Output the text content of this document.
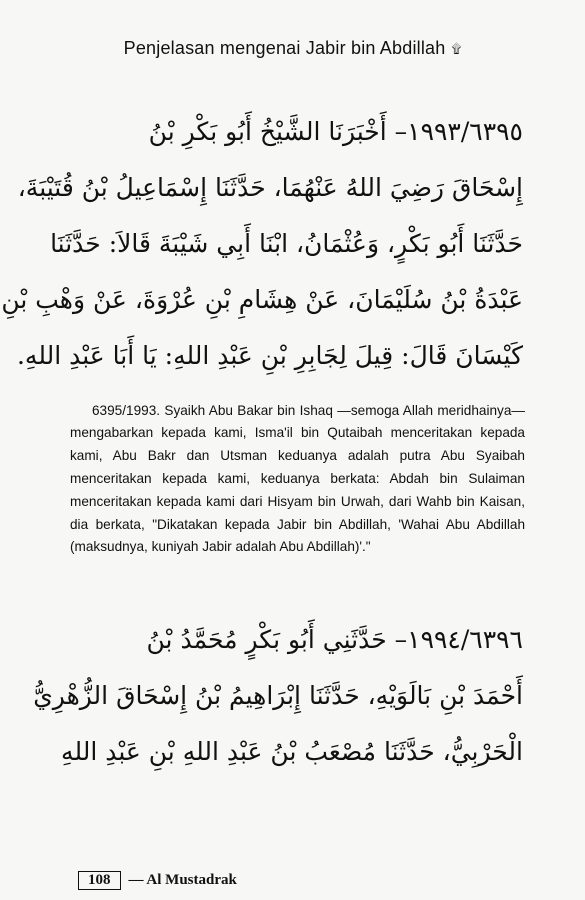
Penjelasan mengenai Jabir bin Abdillah ۩
١٩٩٣/٦٣٩٥– أَخْبَرَنَا الشَّيْخُ أَبُو بَكْرِ بْنُ
إِسْحَاقَ رَضِيَ اللهُ عَنْهُمَا، حَدَّثَنَا إِسْمَاعِيلُ بْنُ قُتَيْبَةَ،
حَدَّثَنَا أَبُو بَكْرٍ، وَعُثْمَانُ، ابْنَا أَبِي شَيْبَةَ قَالاَ: حَدَّثَنَا
عَبْدَةُ بْنُ سُلَيْمَانَ، عَنْ هِشَامِ بْنِ عُرْوَةَ، عَنْ وَهْبِ بْنِ
كَيْسَانَ قَالَ: قِيلَ لِجَابِرِ بْنِ عَبْدِ اللهِ: يَا أَبَا عَبْدِ اللهِ.

6395/1993. Syaikh Abu Bakar bin Ishaq —semoga Allah meridhainya— mengabarkan kepada kami, Isma'il bin Qutaibah menceritakan kepada kami, Abu Bakr dan Utsman keduanya adalah putra Abu Syaibah menceritakan kepada kami, keduanya berkata: Abdah bin Sulaiman menceritakan kepada kami dari Hisyam bin Urwah, dari Wahb bin Kaisan, dia berkata, "Dikatakan kepada Jabir bin Abdillah, 'Wahai Abu Abdillah (maksudnya, kuniyah Jabir adalah Abu Abdillah)'."

١٩٩٤/٦٣٩٦– حَدَّثَنِي أَبُو بَكْرٍ مُحَمَّدُ بْنُ
أَحْمَدَ بْنِ بَالَوَيْهِ، حَدَّثَنَا إِبْرَاهِيمُ بْنُ إِسْحَاقَ الزُّهْرِيُّ
الْحَرْبِيُّ، حَدَّثَنَا مُصْعَبُ بْنُ عَبْدِ اللهِ بْنِ عَبْدِ اللهِ
108	— Al Mustadrak
